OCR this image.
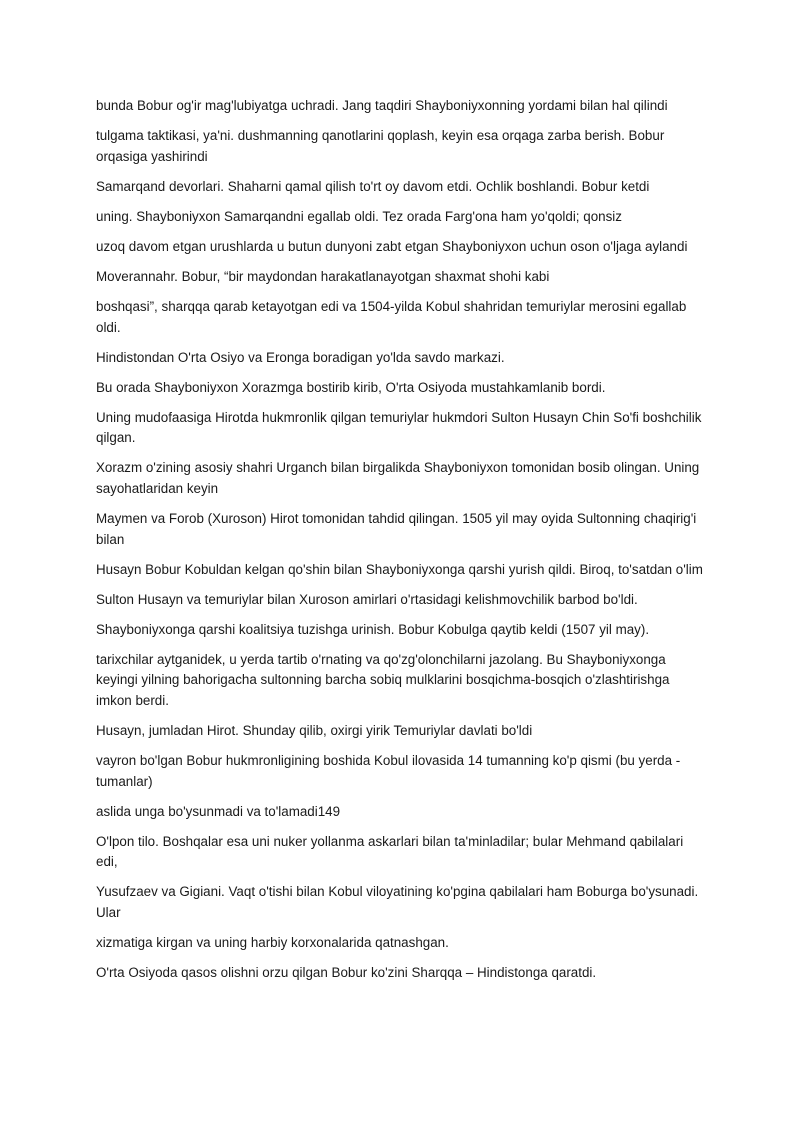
bunda Bobur og'ir mag'lubiyatga uchradi. Jang taqdiri Shayboniyxonning yordami bilan hal qilindi

tulgama taktikasi, ya'ni. dushmanning qanotlarini qoplash, keyin esa orqaga zarba berish. Bobur orqasiga yashirindi

Samarqand devorlari. Shaharni qamal qilish to'rt oy davom etdi. Ochlik boshlandi. Bobur ketdi

uning. Shayboniyxon Samarqandni egallab oldi. Tez orada Farg'ona ham yo'qoldi; qonsiz

uzoq davom etgan urushlarda u butun dunyoni zabt etgan Shayboniyxon uchun oson o'ljaga aylandi

Moverannahr. Bobur, “bir maydondan harakatlanayotgan shaxmat shohi kabi

boshqasi”, sharqqa qarab ketayotgan edi va 1504-yilda Kobul shahridan temuriylar merosini egallab oldi.

Hindistondan O'rta Osiyo va Eronga boradigan yo'lda savdo markazi.

Bu orada Shayboniyxon Xorazmga bostirib kirib, O'rta Osiyoda mustahkamlanib bordi.

Uning mudofaasiga Hirotda hukmronlik qilgan temuriylar hukmdori Sulton Husayn Chin So'fi boshchilik qilgan.

Xorazm o'zining asosiy shahri Urganch bilan birgalikda Shayboniyxon tomonidan bosib olingan. Uning sayohatlaridan keyin

Maymen va Forob (Xuroson) Hirot tomonidan tahdid qilingan. 1505 yil may oyida Sultonning chaqirig'i bilan

Husayn Bobur Kobuldan kelgan qo'shin bilan Shayboniyxonga qarshi yurish qildi. Biroq, to'satdan o'lim

Sulton Husayn va temuriylar bilan Xuroson amirlari o'rtasidagi kelishmovchilik barbod bo'ldi.

Shayboniyxonga qarshi koalitsiya tuzishga urinish. Bobur Kobulga qaytib keldi (1507 yil may).

tarixchilar aytganidek, u yerda tartib o'rnating va qo'zg'olonchilarni jazolang. Bu Shayboniyxonga keyingi yilning bahorigacha sultonning barcha sobiq mulklarini bosqichma-bosqich o'zlashtirishga imkon berdi.

Husayn, jumladan Hirot. Shunday qilib, oxirgi yirik Temuriylar davlati bo'ldi

vayron bo'lgan Bobur hukmronligining boshida Kobul ilovasida 14 tumanning ko'p qismi (bu yerda - tumanlar)

aslida unga bo'ysunmadi va to'lamadi149

O'lpon tilo. Boshqalar esa uni nuker yollanma askarlari bilan ta'minladilar; bular Mehmand qabilalari edi,

Yusufzaev va Gigiani. Vaqt o'tishi bilan Kobul viloyatining ko'pgina qabilalari ham Boburga bo'ysunadi. Ular

xizmatiga kirgan va uning harbiy korxonalarida qatnashgan.

O'rta Osiyoda qasos olishni orzu qilgan Bobur ko'zini Sharqqa – Hindistonga qaratdi.
